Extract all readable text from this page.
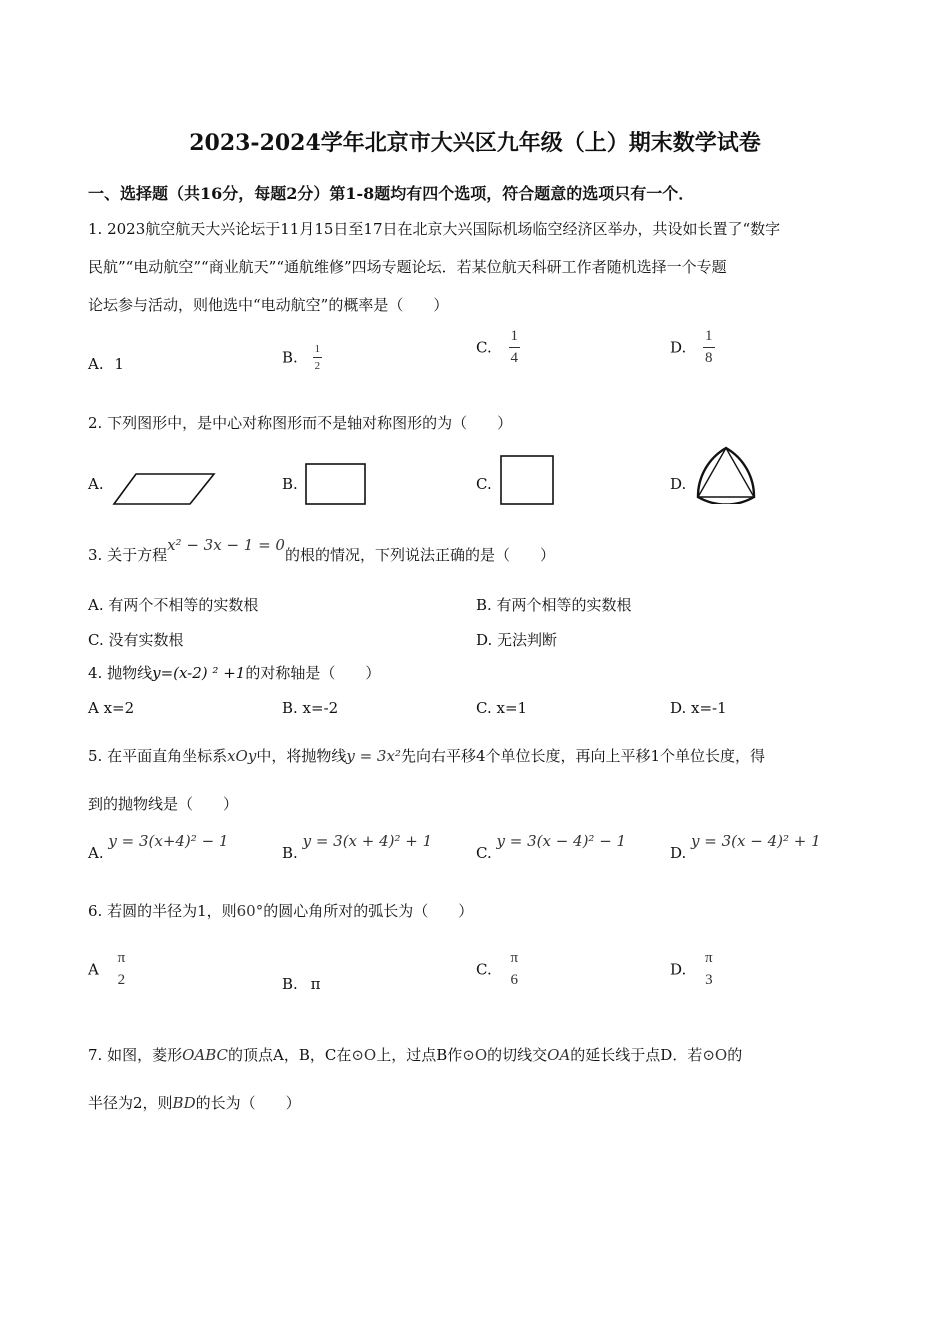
2023-2024学年北京市大兴区九年级（上）期末数学试卷
一、选择题（共16分，每题2分）第1-8题均有四个选项，符合题意的选项只有一个．
1. 2023航空航天大兴论坛于11月15日至17日在北京大兴国际机场临空经济区举办，共设如长置了“数字
民航”“电动航空”“商业航天”“通航维修”四场专题论坛．若某位航天科研工作者随机选择一个专题
论坛参与活动，则他选中“电动航空”的概率是（　　）
A. 1	B. $\frac{1}{2}$	C. $\frac{1}{4}$	D. $\frac{1}{8}$
2. 下列图形中，是中心对称图形而不是轴对称图形的为（　　）
A.	B.	C.	D.
3. 关于方程x² − 3x − 1 = 0的根的情况，下列说法正确的是（　　）
A. 有两个不相等的实数根	B. 有两个相等的实数根
C. 没有实数根	D. 无法判断
4. 抛物线y=(x-2) ² +1的对称轴是（　　）
A x=2	B. x=-2	C. x=1	D. x=-1
5. 在平面直角坐标系xOy中，将抛物线y = 3x²先向右平移4个单位长度，再向上平移1个单位长度，得
到的抛物线是（　　）
A. y = 3(x+4)² − 1
B. y = 3(x + 4)² + 1
C. y = 3(x − 4)² − 1
D. y = 3(x − 4)² + 1
6. 若圆的半径为1，则60°的圆心角所对的弧长为（　　）
A $\frac{\pi}{2}$	B. π
C. $\frac{\pi}{6}$	D. $\frac{\pi}{3}$
7. 如图，菱形OABC的顶点A，B，C在⊙O上，过点B作⊙O的切线交OA的延长线于点D．若⊙O的
半径为2，则BD的长为（　　）
